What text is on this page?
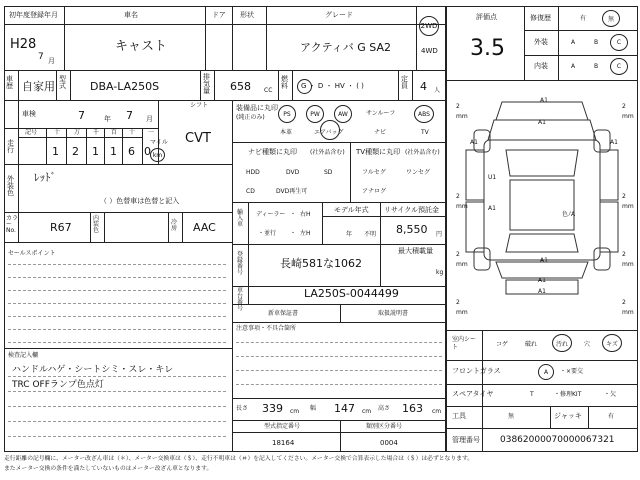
初年度登録年月	車名	ドア 形状	グレード
H28
7 月
キャスト	アクティバ G SA2
2WD
4WD
車歴 自家用
型式 DBA-LA250S
排気量 658 CC
燃料	G ・ D ・ HV ・ ( )
定員 4 人
車検	7	年 7 月
シフト
CVT
走行
記号	十 万 千 百 十 一
1 2 1 1 6 0
マイル
km
外装色
ﾚｯﾄﾞ
（ ）色替車は色替と記入
カラーNo.	R67
内装色
冷房	AAC
セールスポイント
検査記入欄
ハンドルハゲ・シートシミ・スレ・キレ
TRC OFFランプ色点灯
装備品に丸印
(純正のみ)	PS	PW	AW	サンルーフ	ABS
本革	エアバッグ	ナビ	TV
ナビ種類に丸印 (社外品含む)
HDD	DVD	SD
CD	DVD再生可
TV種類に丸印 (社外品含む)
フルセグ	ワンセグ
アナログ
輸入車
ディーラー
・並行
右H
左H
・
・
モデル年式
年 不明
リサイクル預託金
8,550 円
最大積載量
kg
登録番号
長崎581な1062
車台番号
LA250S-0044499
新車保証書	取扱説明書
注意事項・不具合箇所
長さ 339 cm 幅 147 cm 高さ 163 cm
型式指定番号
18164
類別区分番号
0004
評価点
3.5
修復歴	有	無
外装	A	B	C
内装	A	B	C
2
mm
2
mm
2
mm
2
mm
2
mm
2
mm
2
mm
2
mm
A1
A1
A1
U1
A1
A1
A1
A1
A1
色ﾉA
室内シート	コゲ	破れ	汚れ	穴	キズ
フロントガラス	A ・×要交
スペアタイヤ	T	・修理KIT	・欠
工具	無	ジャッキ	有
管理番号 03862000070000067321
走行距離の記号欄に、メーター改ざん車は（＊）、メーター交換車は（＄）、走行不明車は（＃）を記入してください。メーター交換で合算表示した場合は（＄）は必ずとなります。
またメーター交換の条件を満たしていないものはメーター改ざん車となります。
